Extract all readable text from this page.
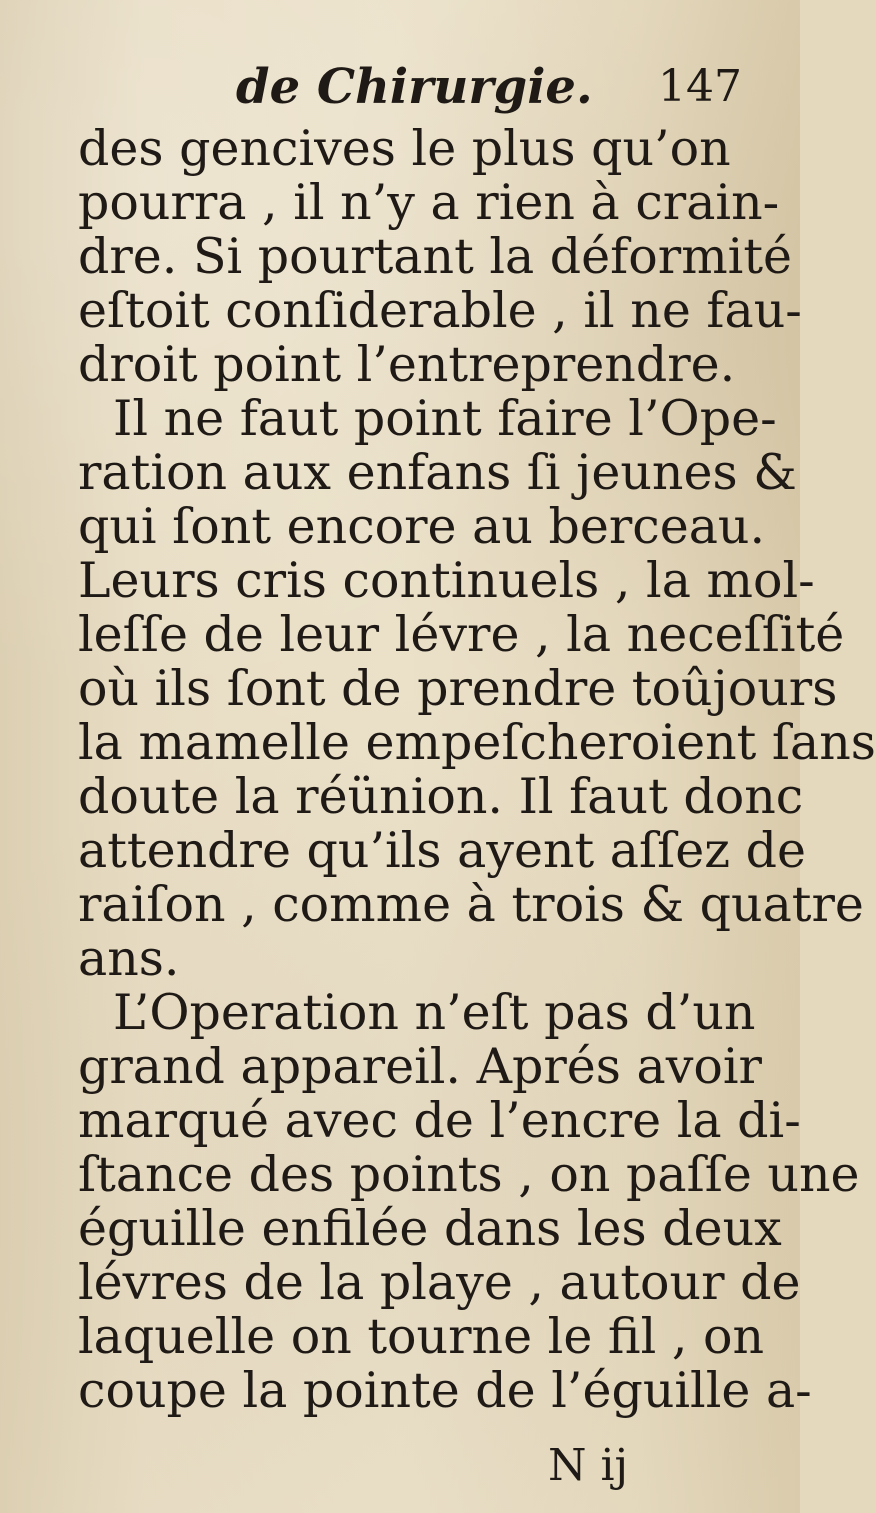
de Chirurgie. 147
des gencives le plus qu’on
pourra , il n’y a rien à crain-
dre. Si pourtant la déformité
eſtoit conſiderable , il ne fau-
droit point l’entreprendre.
Il ne faut point faire l’Ope-
ration aux enfans ſi jeunes &
qui ſont encore au berceau.
Leurs cris continuels , la mol-
leſſe de leur lévre , la neceſſité
où ils ſont de prendre toûjours
la mamelle empeſcheroient ſans
doute la réünion. Il faut donc
attendre qu’ils ayent aſſez de
raiſon , comme à trois & quatre
ans.
L’Operation n’eſt pas d’un
grand appareil. Aprés avoir
marqué avec de l’encre la di-
ſtance des points , on paſſe une
éguille enfilée dans les deux
lévres de la playe , autour de
laquelle on tourne le fil , on
coupe la pointe de l’éguille a-
N ij
